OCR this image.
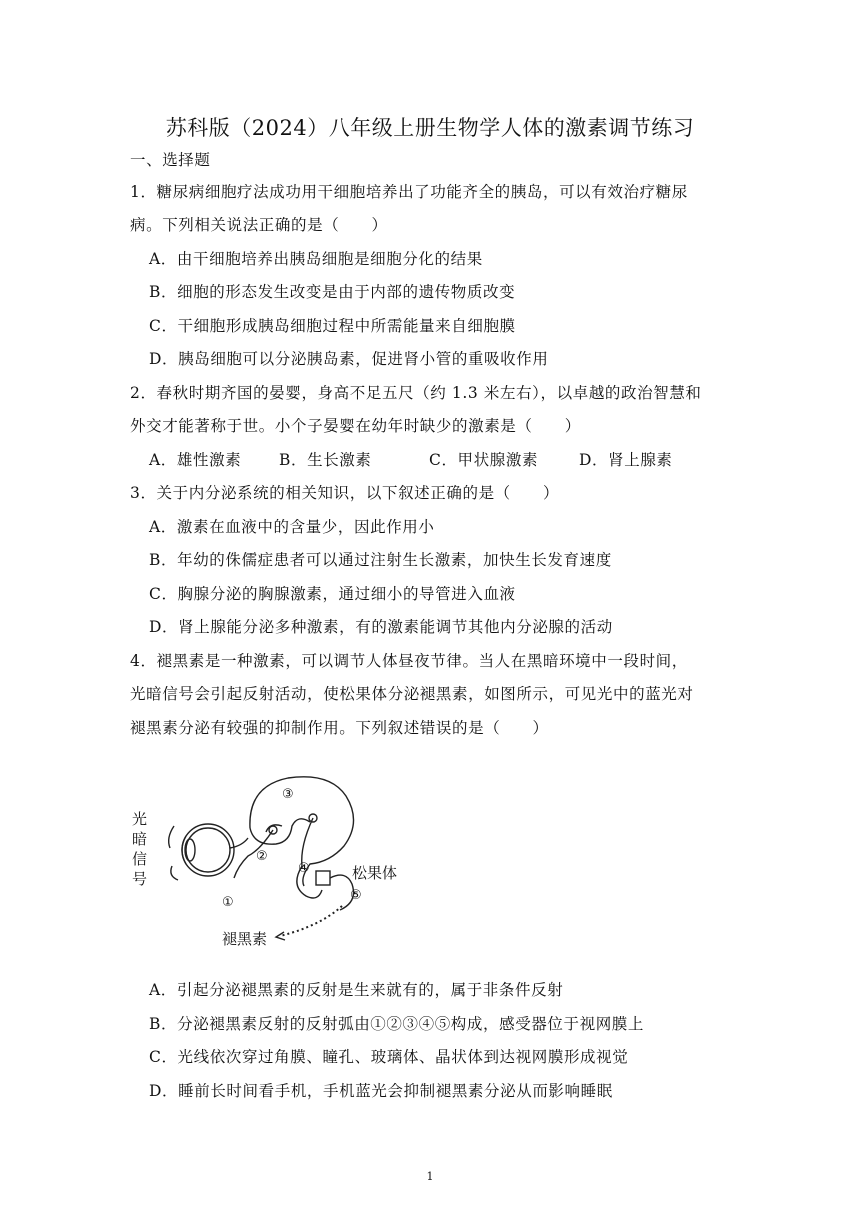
苏科版（2024）八年级上册生物学人体的激素调节练习
一、选择题
1．糖尿病细胞疗法成功用干细胞培养出了功能齐全的胰岛，可以有效治疗糖尿
病。下列相关说法正确的是（　　）
A．由干细胞培养出胰岛细胞是细胞分化的结果
B．细胞的形态发生改变是由于内部的遗传物质改变
C．干细胞形成胰岛细胞过程中所需能量来自细胞膜
D．胰岛细胞可以分泌胰岛素，促进肾小管的重吸收作用
2．春秋时期齐国的晏婴，身高不足五尺（约 1.3 米左右），以卓越的政治智慧和
外交才能著称于世。小个子晏婴在幼年时缺少的激素是（　　）
A．雄性激素 B．生长激素	C．甲状腺激素	D．肾上腺素
3．关于内分泌系统的相关知识，以下叙述正确的是（　　）
A．激素在血液中的含量少，因此作用小
B．年幼的侏儒症患者可以通过注射生长激素，加快生长发育速度
C．胸腺分泌的胸腺激素，通过细小的导管进入血液
D．肾上腺能分泌多种激素，有的激素能调节其他内分泌腺的活动
4．褪黑素是一种激素，可以调节人体昼夜节律。当人在黑暗环境中一段时间，
光暗信号会引起反射活动，使松果体分泌褪黑素，如图所示，可见光中的蓝光对
褪黑素分泌有较强的抑制作用。下列叙述错误的是（　　）
光
暗
信
号
①
②
③
④
⑤
松果体
褪黑素
A．引起分泌褪黑素的反射是生来就有的，属于非条件反射
B．分泌褪黑素反射的反射弧由①②③④⑤构成，感受器位于视网膜上
C．光线依次穿过角膜、瞳孔、玻璃体、晶状体到达视网膜形成视觉
D．睡前长时间看手机，手机蓝光会抑制褪黑素分泌从而影响睡眠
1
